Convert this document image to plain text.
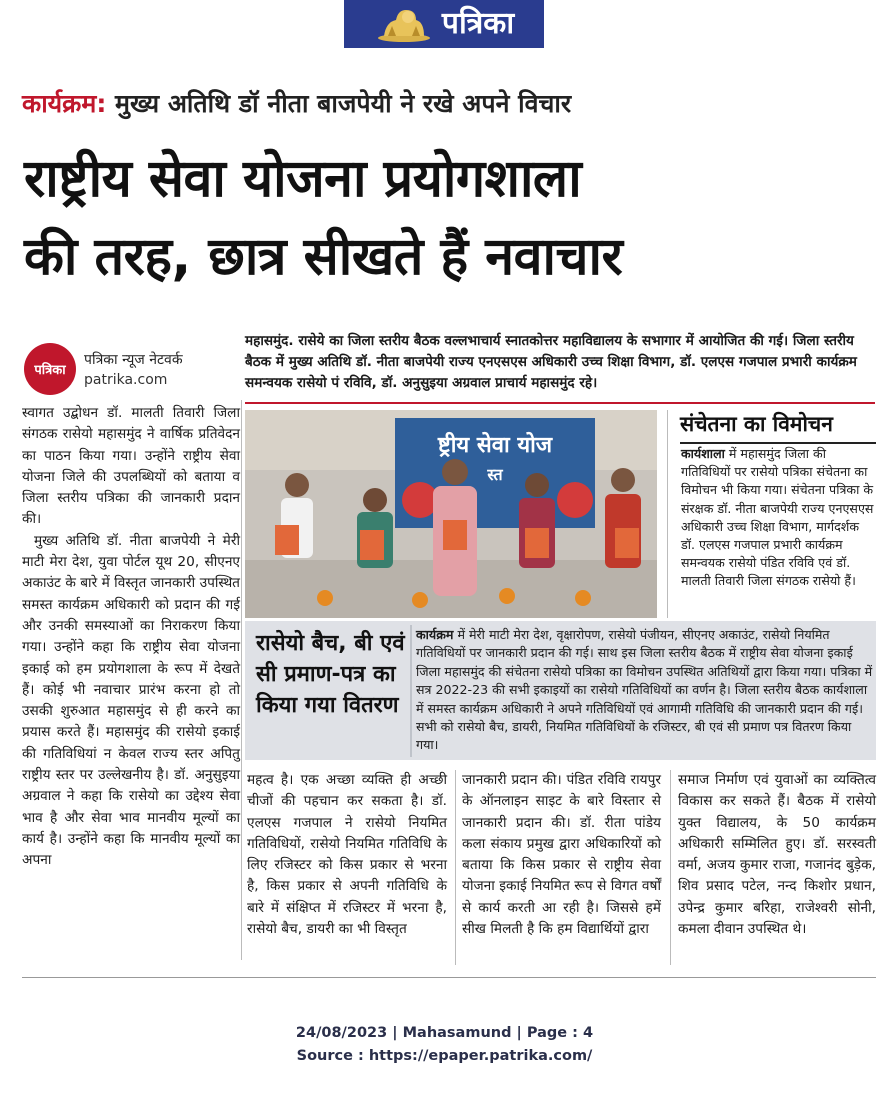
पत्रिका
कार्यक्रम: मुख्य अतिथि डॉ नीता बाजपेयी ने रखे अपने विचार
राष्ट्रीय सेवा योजना प्रयोगशाला
की तरह, छात्र सीखते हैं नवाचार
पत्रिका
पत्रिका न्यूज नेटवर्क
patrika.com
महासमुंद. रासेये का जिला स्तरीय बैठक वल्लभाचार्य स्नातकोत्तर महाविद्यालय के सभागार में आयोजित की गई। जिला स्तरीय बैठक में मुख्य अतिथि डॉ. नीता बाजपेयी राज्य एनएसएस अधिकारी उच्च शिक्षा विभाग, डॉ. एलएस गजपाल प्रभारी कार्यक्रम समन्वयक रासेयो पं रविवि, डॉ. अनुसुइया अग्रवाल प्राचार्य महासमुंद रहे।

स्वागत उद्बोधन डॉ. मालती तिवारी जिला संगठक रासेयो महासमुंद ने वार्षिक प्रतिवेदन का पाठन किया गया। उन्होंने राष्ट्रीय सेवा योजना जिले की उपलब्धियों को बताया व जिला स्तरीय पत्रिका की जानकारी प्रदान की।

मुख्य अतिथि डॉ. नीता बाजपेयी ने मेरी माटी मेरा देश, युवा पोर्टल यूथ 20, सीएनए अकाउंट के बारे में विस्तृत जानकारी उपस्थित समस्त कार्यक्रम अधिकारी को प्रदान की गई और उनकी समस्याओं का निराकरण किया गया। उन्होंने कहा कि राष्ट्रीय सेवा योजना इकाई को हम प्रयोगशाला के रूप में देखते हैं। कोई भी नवाचार प्रारंभ करना हो तो उसकी शुरुआत महासमुंद से ही करने का प्रयास करते हैं। महासमुंद की रासेयो इकाई की गतिविधियां न केवल राज्य स्तर अपितु राष्ट्रीय स्तर पर उल्लेखनीय है। डॉ. अनुसुइया अग्रवाल ने कहा कि रासेयो का उद्देश्य सेवा भाव है और सेवा भाव मानवीय मूल्यों का कार्य है। उन्होंने कहा कि मानवीय मूल्यों का अपना

ष्ट्रीय सेवा योज
स्त
संचेतना का विमोचन
कार्यशाला में महासमुंद जिला की गतिविधियों पर रासेयो पत्रिका संचेतना का विमोचन भी किया गया। संचेतना पत्रिका के संरक्षक डॉ. नीता बाजपेयी राज्य एनएसएस अधिकारी उच्च शिक्षा विभाग, मार्गदर्शक डॉ. एलएस गजपाल प्रभारी कार्यक्रम समन्वयक रासेयो पंडित रविवि एवं डॉ. मालती तिवारी जिला संगठक रासेयो हैं।
रासेयो बैच, बी एवं सी प्रमाण-पत्र का किया गया वितरण
कार्यक्रम में मेरी माटी मेरा देश, वृक्षारोपण, रासेयो पंजीयन, सीएनए अकाउंट, रासेयो नियमित गतिविधियों पर जानकारी प्रदान की गई। साथ इस जिला स्तरीय बैठक में राष्ट्रीय सेवा योजना इकाई जिला महासमुंद की संचेतना रासेयो पत्रिका का विमोचन उपस्थित अतिथियों द्वारा किया गया। पत्रिका में सत्र 2022-23 की सभी इकाइयों का रासेयो गतिविधियों का वर्णन है। जिला स्तरीय बैठक कार्यशाला में समस्त कार्यक्रम अधिकारी ने अपने गतिविधियों एवं आगामी गतिविधि की जानकारी प्रदान की गई। सभी को रासेयो बैच, डायरी, नियमित गतिविधियों के रजिस्टर, बी एवं सी प्रमाण पत्र वितरण किया गया।
महत्व है। एक अच्छा व्यक्ति ही अच्छी चीजों की पहचान कर सकता है। डॉ. एलएस गजपाल ने रासेयो नियमित गतिविधियों, रासेयो नियमित गतिविधि के लिए रजिस्टर को किस प्रकार से भरना है, किस प्रकार से अपनी गतिविधि के बारे में संक्षिप्त में रजिस्टर में भरना है, रासेयो बैच, डायरी का भी विस्तृत
जानकारी प्रदान की। पंडित रविवि रायपुर के ऑनलाइन साइट के बारे विस्तार से जानकारी प्रदान की। डॉ. रीता पांडेय कला संकाय प्रमुख द्वारा अधिकारियों को बताया कि किस प्रकार से राष्ट्रीय सेवा योजना इकाई नियमित रूप से विगत वर्षों से कार्य करती आ रही है। जिससे हमें सीख मिलती है कि हम विद्यार्थियों द्वारा
समाज निर्माण एवं युवाओं का व्यक्तित्व विकास कर सकते हैं। बैठक में रासेयो युक्त विद्यालय, के 50 कार्यक्रम अधिकारी सम्मिलित हुए। डॉ. सरस्वती वर्मा, अजय कुमार राजा, गजानंद बुड़ेक, शिव प्रसाद पटेल, नन्द किशोर प्रधान, उपेन्द्र कुमार बरिहा, राजेश्वरी सोनी, कमला दीवान उपस्थित थे।
24/08/2023 | Mahasamund | Page : 4
Source : https://epaper.patrika.com/
